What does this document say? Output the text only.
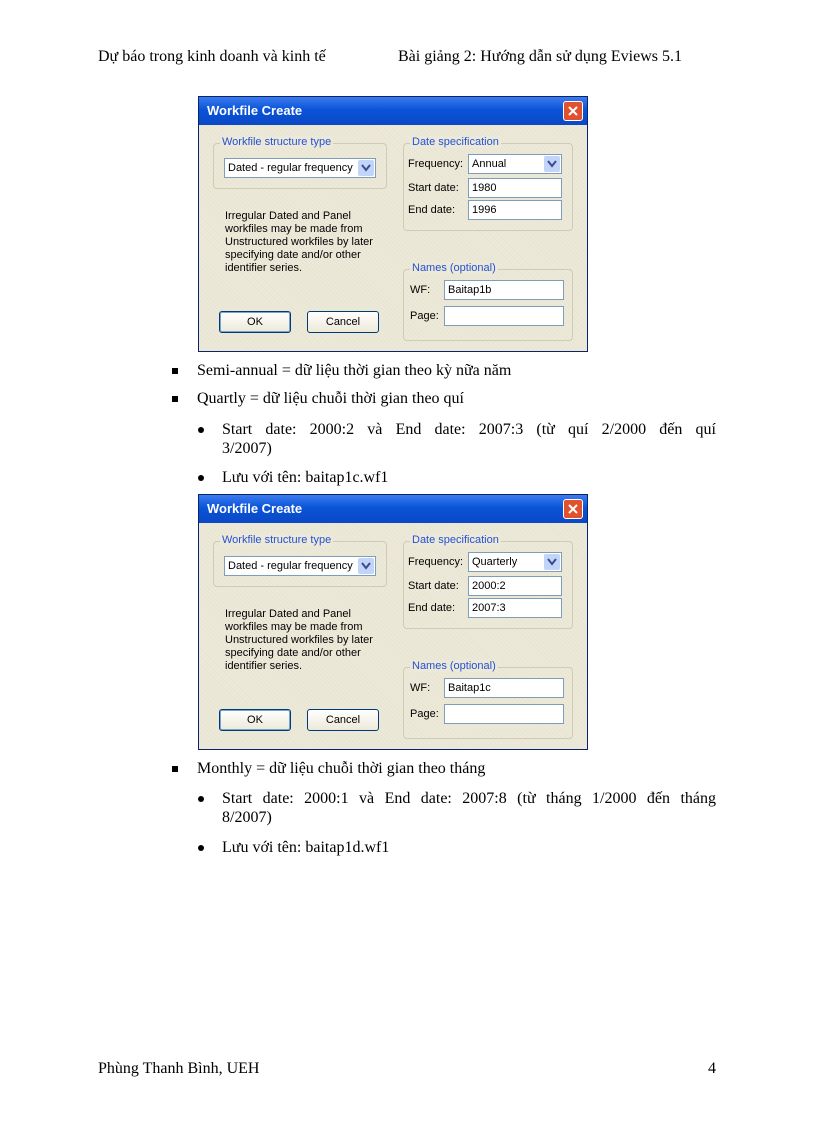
Dự báo trong kinh doanh và kinh tế	Bài giảng 2: Hướng dẫn sử dụng Eviews 5.1
Workfile Create
Workfile structure type
Dated - regular frequency
Irregular Dated and Panel workfiles may be made from Unstructured workfiles by later specifying date and/or other identifier series.
OK	Cancel
Date specification
Frequency: Annual
Start date:	1980
End date:	1996
Names (optional)
WF:	Baitap1b
Page:
Semi-annual = dữ liệu thời gian theo kỳ nữa năm
Quartly = dữ liệu chuỗi thời gian theo quí
Start date: 2000:2 và End date: 2007:3 (từ quí 2/2000 đến quí
3/2007)
Lưu với tên: baitap1c.wf1
Workfile Create
Workfile structure type
Dated - regular frequency
Irregular Dated and Panel workfiles may be made from Unstructured workfiles by later specifying date and/or other identifier series.
OK	Cancel
Date specification
Frequency: Quarterly
Start date:	2000:2
End date:	2007:3
Names (optional)
WF:	Baitap1c
Page:
Monthly = dữ liệu chuỗi thời gian theo tháng
Start date: 2000:1 và End date: 2007:8 (từ tháng 1/2000 đến tháng
8/2007)
Lưu với tên: baitap1d.wf1
Phùng Thanh Bình, UEH	4
